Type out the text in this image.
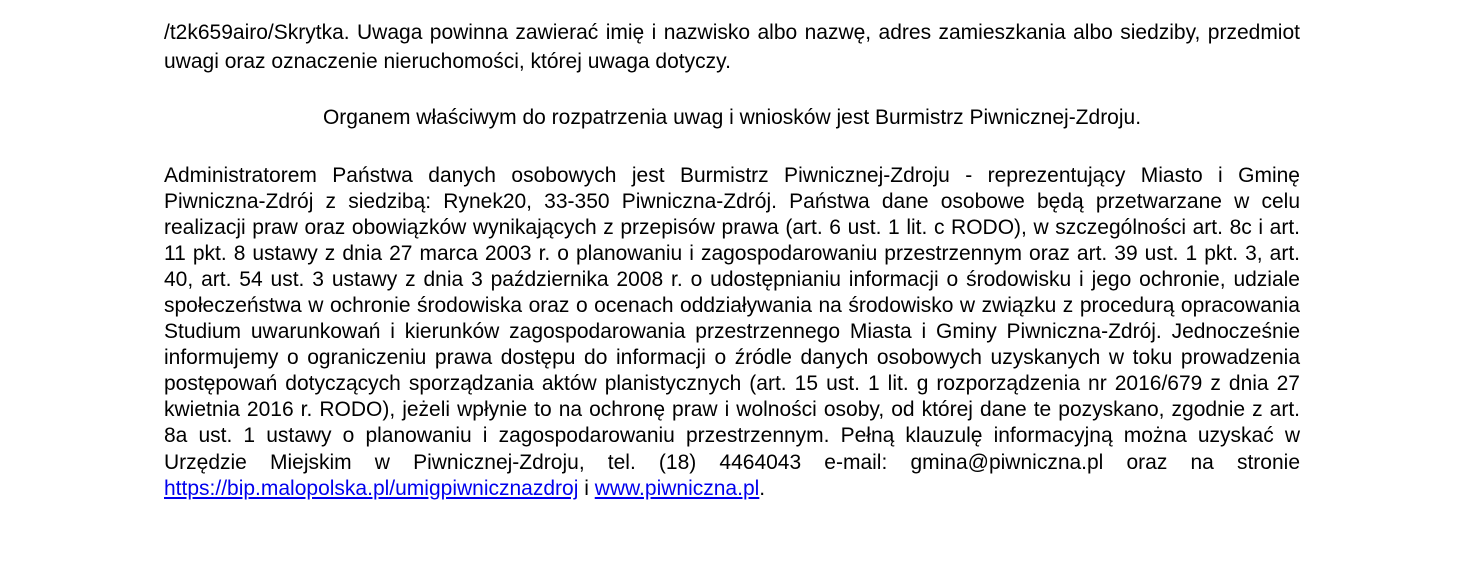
/t2k659airo/Skrytka. Uwaga powinna zawierać imię i nazwisko albo nazwę, adres zamieszkania albo siedziby, przedmiot uwagi oraz oznaczenie nieruchomości, której uwaga dotyczy.

Organem właściwym do rozpatrzenia uwag i wniosków jest Burmistrz Piwnicznej-Zdroju.

Administratorem Państwa danych osobowych jest Burmistrz Piwnicznej-Zdroju - reprezentujący Miasto i Gminę Piwniczna-Zdrój z siedzibą: Rynek20, 33-350 Piwniczna-Zdrój. Państwa dane osobowe będą przetwarzane w celu realizacji praw oraz obowiązków wynikających z przepisów prawa (art. 6 ust. 1 lit. c RODO), w szczególności art. 8c i art. 11 pkt. 8 ustawy z dnia 27 marca 2003 r. o planowaniu i zagospodarowaniu przestrzennym oraz art. 39 ust. 1 pkt. 3, art. 40, art. 54 ust. 3 ustawy z dnia 3 października 2008 r. o udostępnianiu informacji o środowisku i jego ochronie, udziale społeczeństwa w ochronie środowiska oraz o ocenach oddziaływania na środowisko w związku z procedurą opracowania Studium uwarunkowań i kierunków zagospodarowania przestrzennego Miasta i Gminy Piwniczna-Zdrój. Jednocześnie informujemy o ograniczeniu prawa dostępu do informacji o źródle danych osobowych uzyskanych w toku prowadzenia postępowań dotyczących sporządzania aktów planistycznych (art. 15 ust. 1 lit. g rozporządzenia nr 2016/679 z dnia 27 kwietnia 2016 r. RODO), jeżeli wpłynie to na ochronę praw i wolności osoby, od której dane te pozyskano, zgodnie z art. 8a ust. 1 ustawy o planowaniu i zagospodarowaniu przestrzennym. Pełną klauzulę informacyjną można uzyskać w Urzędzie Miejskim w Piwnicznej-Zdroju, tel. (18) 4464043 e-mail: gmina@piwniczna.pl oraz na stronie https://bip.malopolska.pl/umigpiwnicznazdroj i www.piwniczna.pl.
